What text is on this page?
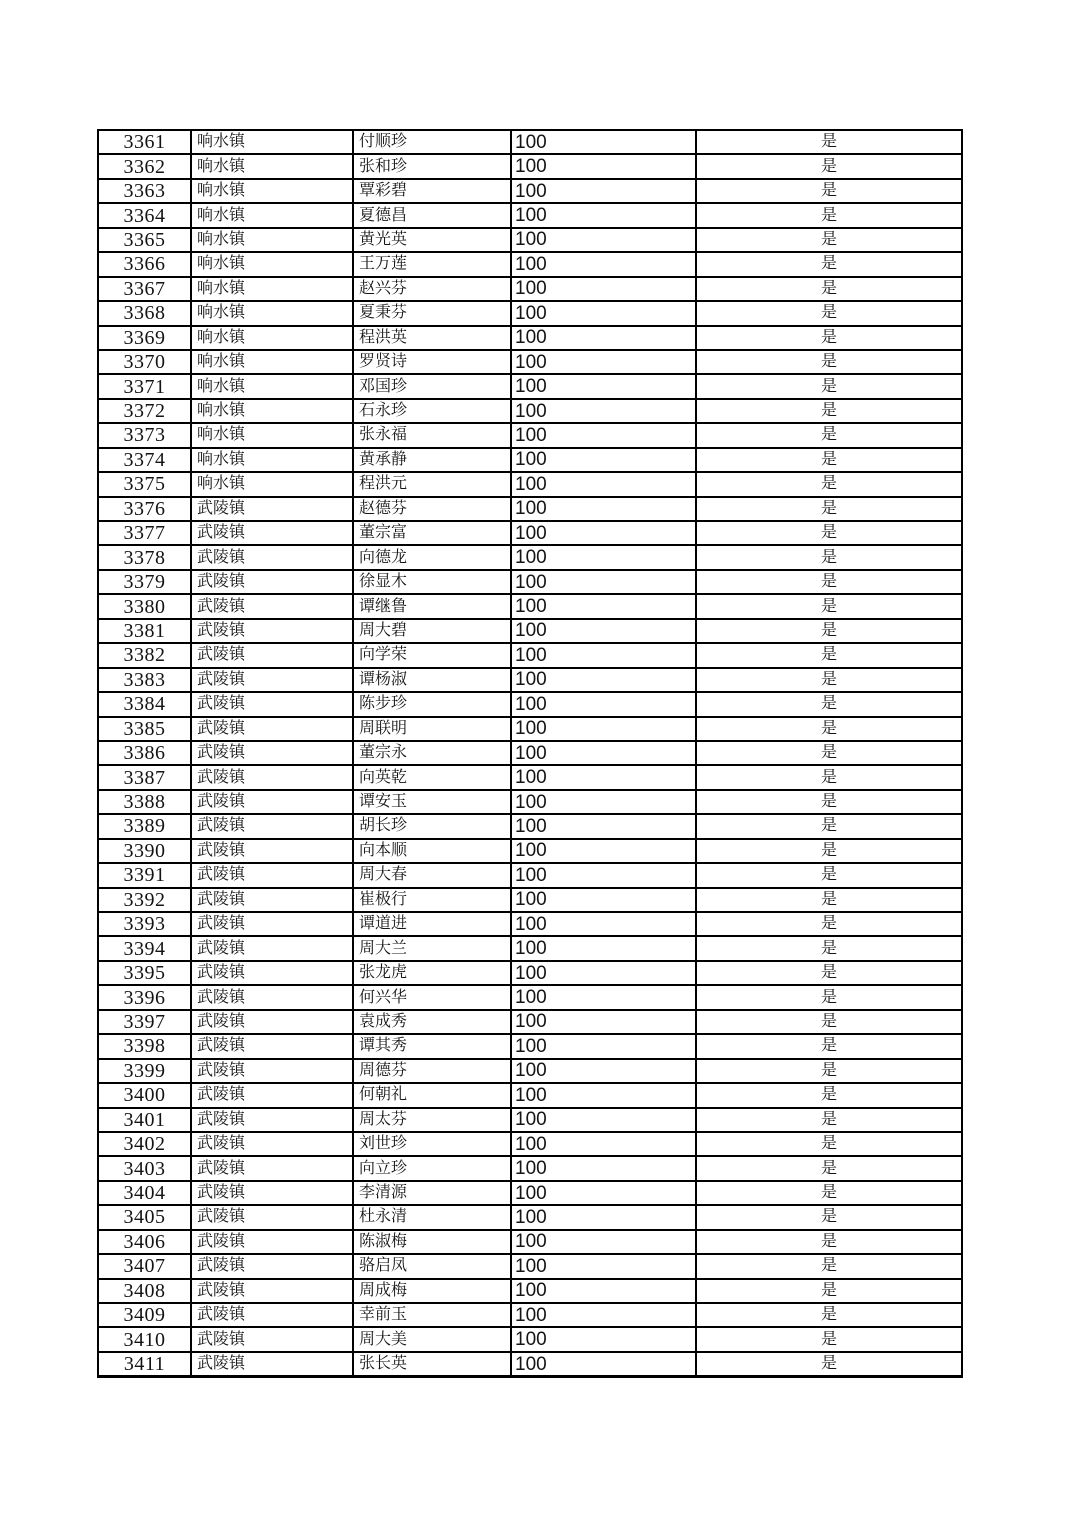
3361	响水镇	付顺珍	100	是
3362	响水镇	张和珍	100	是
3363	响水镇	覃彩碧	100	是
3364	响水镇	夏德昌	100	是
3365	响水镇	黄光英	100	是
3366	响水镇	王万莲	100	是
3367	响水镇	赵兴芬	100	是
3368	响水镇	夏秉芬	100	是
3369	响水镇	程洪英	100	是
3370	响水镇	罗贤诗	100	是
3371	响水镇	邓国珍	100	是
3372	响水镇	石永珍	100	是
3373	响水镇	张永福	100	是
3374	响水镇	黄承静	100	是
3375	响水镇	程洪元	100	是
3376	武陵镇	赵德芬	100	是
3377	武陵镇	董宗富	100	是
3378	武陵镇	向德龙	100	是
3379	武陵镇	徐显木	100	是
3380	武陵镇	谭继鲁	100	是
3381	武陵镇	周大碧	100	是
3382	武陵镇	向学荣	100	是
3383	武陵镇	谭杨淑	100	是
3384	武陵镇	陈步珍	100	是
3385	武陵镇	周联明	100	是
3386	武陵镇	董宗永	100	是
3387	武陵镇	向英乾	100	是
3388	武陵镇	谭安玉	100	是
3389	武陵镇	胡长珍	100	是
3390	武陵镇	向本顺	100	是
3391	武陵镇	周大春	100	是
3392	武陵镇	崔极行	100	是
3393	武陵镇	谭道进	100	是
3394	武陵镇	周大兰	100	是
3395	武陵镇	张龙虎	100	是
3396	武陵镇	何兴华	100	是
3397	武陵镇	袁成秀	100	是
3398	武陵镇	谭其秀	100	是
3399	武陵镇	周德芬	100	是
3400	武陵镇	何朝礼	100	是
3401	武陵镇	周太芬	100	是
3402	武陵镇	刘世珍	100	是
3403	武陵镇	向立珍	100	是
3404	武陵镇	李清源	100	是
3405	武陵镇	杜永清	100	是
3406	武陵镇	陈淑梅	100	是
3407	武陵镇	骆启凤	100	是
3408	武陵镇	周成梅	100	是
3409	武陵镇	幸前玉	100	是
3410	武陵镇	周大美	100	是
3411	武陵镇	张长英	100	是
